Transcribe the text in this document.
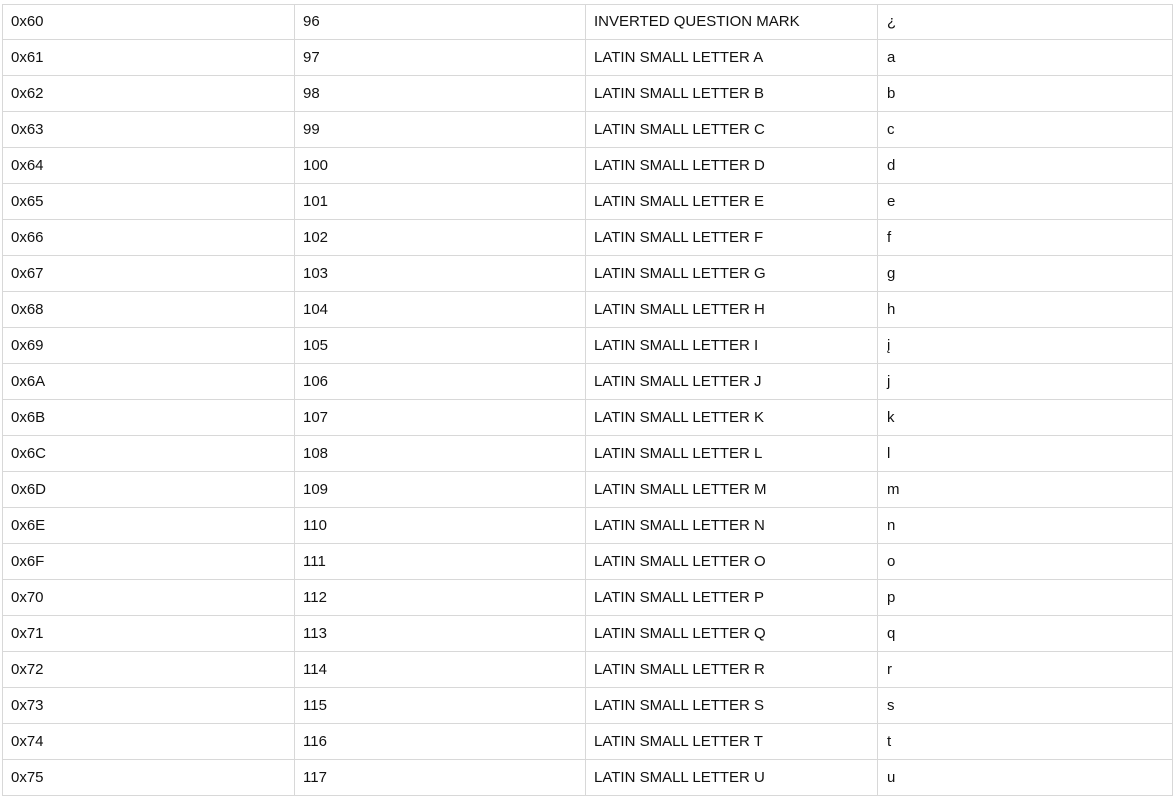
0x60	96	INVERTED QUESTION MARK	¿
0x61	97	LATIN SMALL LETTER A	a
0x62	98	LATIN SMALL LETTER B	b
0x63	99	LATIN SMALL LETTER C	c
0x64	100	LATIN SMALL LETTER D	d
0x65	101	LATIN SMALL LETTER E	e
0x66	102	LATIN SMALL LETTER F	f
0x67	103	LATIN SMALL LETTER G	g
0x68	104	LATIN SMALL LETTER H	h
0x69	105	LATIN SMALL LETTER I	į
0x6A	106	LATIN SMALL LETTER J	j
0x6B	107	LATIN SMALL LETTER K	k
0x6C	108	LATIN SMALL LETTER L	l
0x6D	109	LATIN SMALL LETTER M	m
0x6E	110	LATIN SMALL LETTER N	n
0x6F	111	LATIN SMALL LETTER O	o
0x70	112	LATIN SMALL LETTER P	p
0x71	113	LATIN SMALL LETTER Q	q
0x72	114	LATIN SMALL LETTER R	r
0x73	115	LATIN SMALL LETTER S	s
0x74	116	LATIN SMALL LETTER T	t
0x75	117	LATIN SMALL LETTER U	u
